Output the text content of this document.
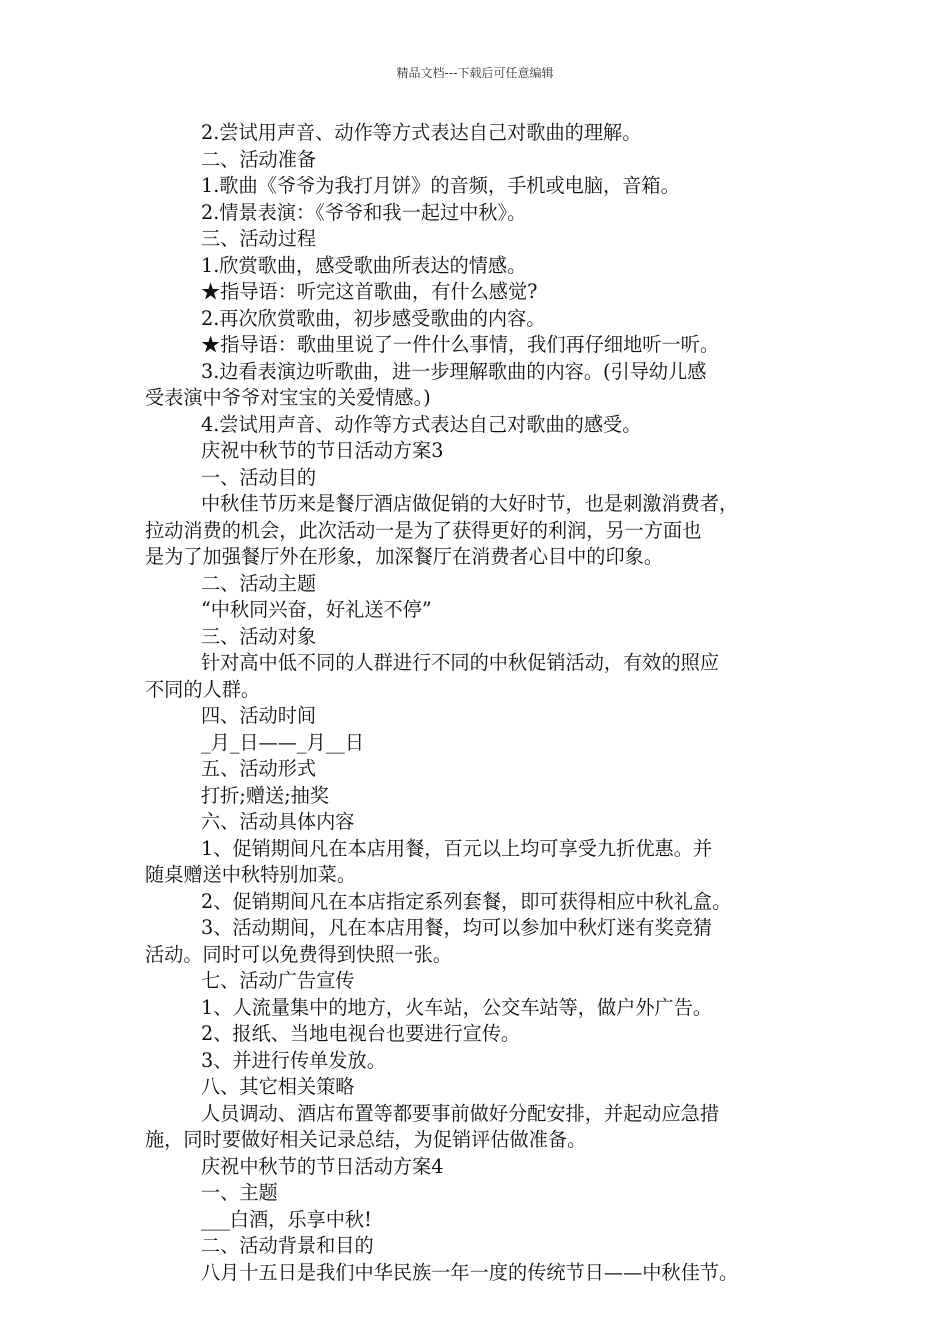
精品文档---下载后可任意编辑
2.尝试用声音、动作等方式表达自己对歌曲的理解。
二、活动准备
1.歌曲《爷爷为我打月饼》的音频，手机或电脑，音箱。
2.情景表演：《爷爷和我一起过中秋》。
三、活动过程
1.欣赏歌曲，感受歌曲所表达的情感。
★指导语：听完这首歌曲，有什么感觉?
2.再次欣赏歌曲，初步感受歌曲的内容。
★指导语：歌曲里说了一件什么事情，我们再仔细地听一听。
3.边看表演边听歌曲，进一步理解歌曲的内容。(引导幼儿感
受表演中爷爷对宝宝的关爱情感。)
4.尝试用声音、动作等方式表达自己对歌曲的感受。
庆祝中秋节的节日活动方案3
一、活动目的
中秋佳节历来是餐厅酒店做促销的大好时节，也是刺激消费者，
拉动消费的机会，此次活动一是为了获得更好的利润，另一方面也
是为了加强餐厅外在形象，加深餐厅在消费者心目中的印象。
二、活动主题
“中秋同兴奋，好礼送不停”
三、活动对象
针对高中低不同的人群进行不同的中秋促销活动，有效的照应
不同的人群。
四、活动时间
_月_日——_月__日
五、活动形式
打折;赠送;抽奖
六、活动具体内容
1、促销期间凡在本店用餐，百元以上均可享受九折优惠。并
随桌赠送中秋特别加菜。
2、促销期间凡在本店指定系列套餐，即可获得相应中秋礼盒。
3、活动期间，凡在本店用餐，均可以参加中秋灯迷有奖竞猜
活动。同时可以免费得到快照一张。
七、活动广告宣传
1、人流量集中的地方，火车站，公交车站等，做户外广告。
2、报纸、当地电视台也要进行宣传。
3、并进行传单发放。
八、其它相关策略
人员调动、酒店布置等都要事前做好分配安排，并起动应急措
施，同时要做好相关记录总结，为促销评估做准备。
庆祝中秋节的节日活动方案4
一、主题
___白酒，乐享中秋!
二、活动背景和目的
八月十五日是我们中华民族一年一度的传统节日——中秋佳节。
